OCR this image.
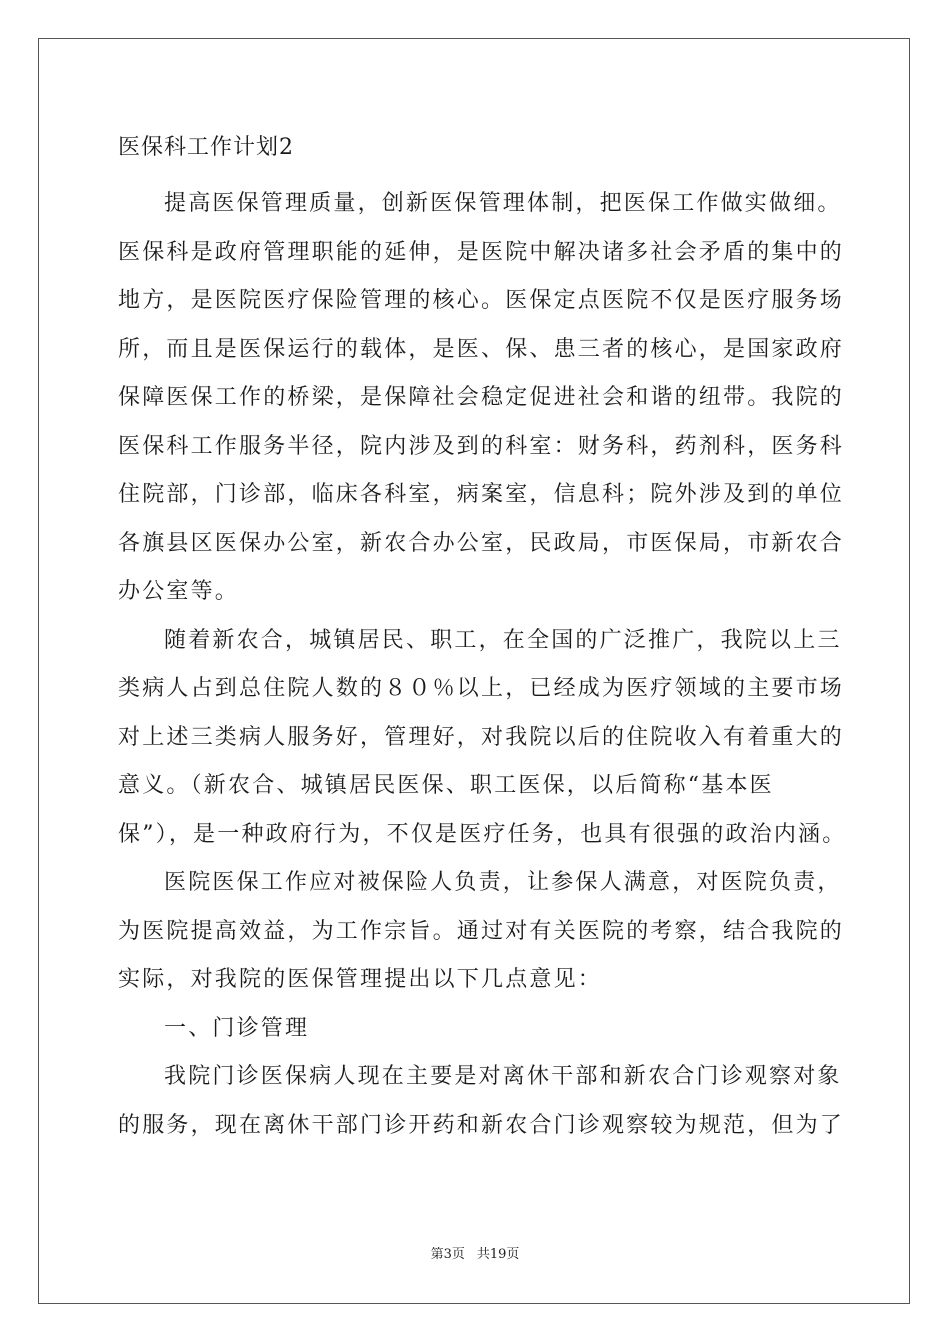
医保科工作计划2
提高医保管理质量，创新医保管理体制，把医保工作做实做细。
医保科是政府管理职能的延伸，是医院中解决诸多社会矛盾的集中的
地方，是医院医疗保险管理的核心。医保定点医院不仅是医疗服务场
所，而且是医保运行的载体，是医、保、患三者的核心，是国家政府
保障医保工作的桥梁，是保障社会稳定促进社会和谐的纽带。我院的
医保科工作服务半径，院内涉及到的科室：财务科，药剂科，医务科
住院部，门诊部，临床各科室，病案室，信息科；院外涉及到的单位
各旗县区医保办公室，新农合办公室，民政局，市医保局，市新农合
办公室等。
随着新农合，城镇居民、职工，在全国的广泛推广，我院以上三
类病人占到总住院人数的８０％以上，已经成为医疗领域的主要市场
对上述三类病人服务好，管理好，对我院以后的住院收入有着重大的
意义。（新农合、城镇居民医保、职工医保，以后简称“基本医
保”），是一种政府行为，不仅是医疗任务，也具有很强的政治内涵。
医院医保工作应对被保险人负责，让参保人满意，对医院负责，
为医院提高效益，为工作宗旨。通过对有关医院的考察，结合我院的
实际，对我院的医保管理提出以下几点意见：
一、门诊管理
我院门诊医保病人现在主要是对离休干部和新农合门诊观察对象
的服务，现在离休干部门诊开药和新农合门诊观察较为规范，但为了
第3页 共19页
